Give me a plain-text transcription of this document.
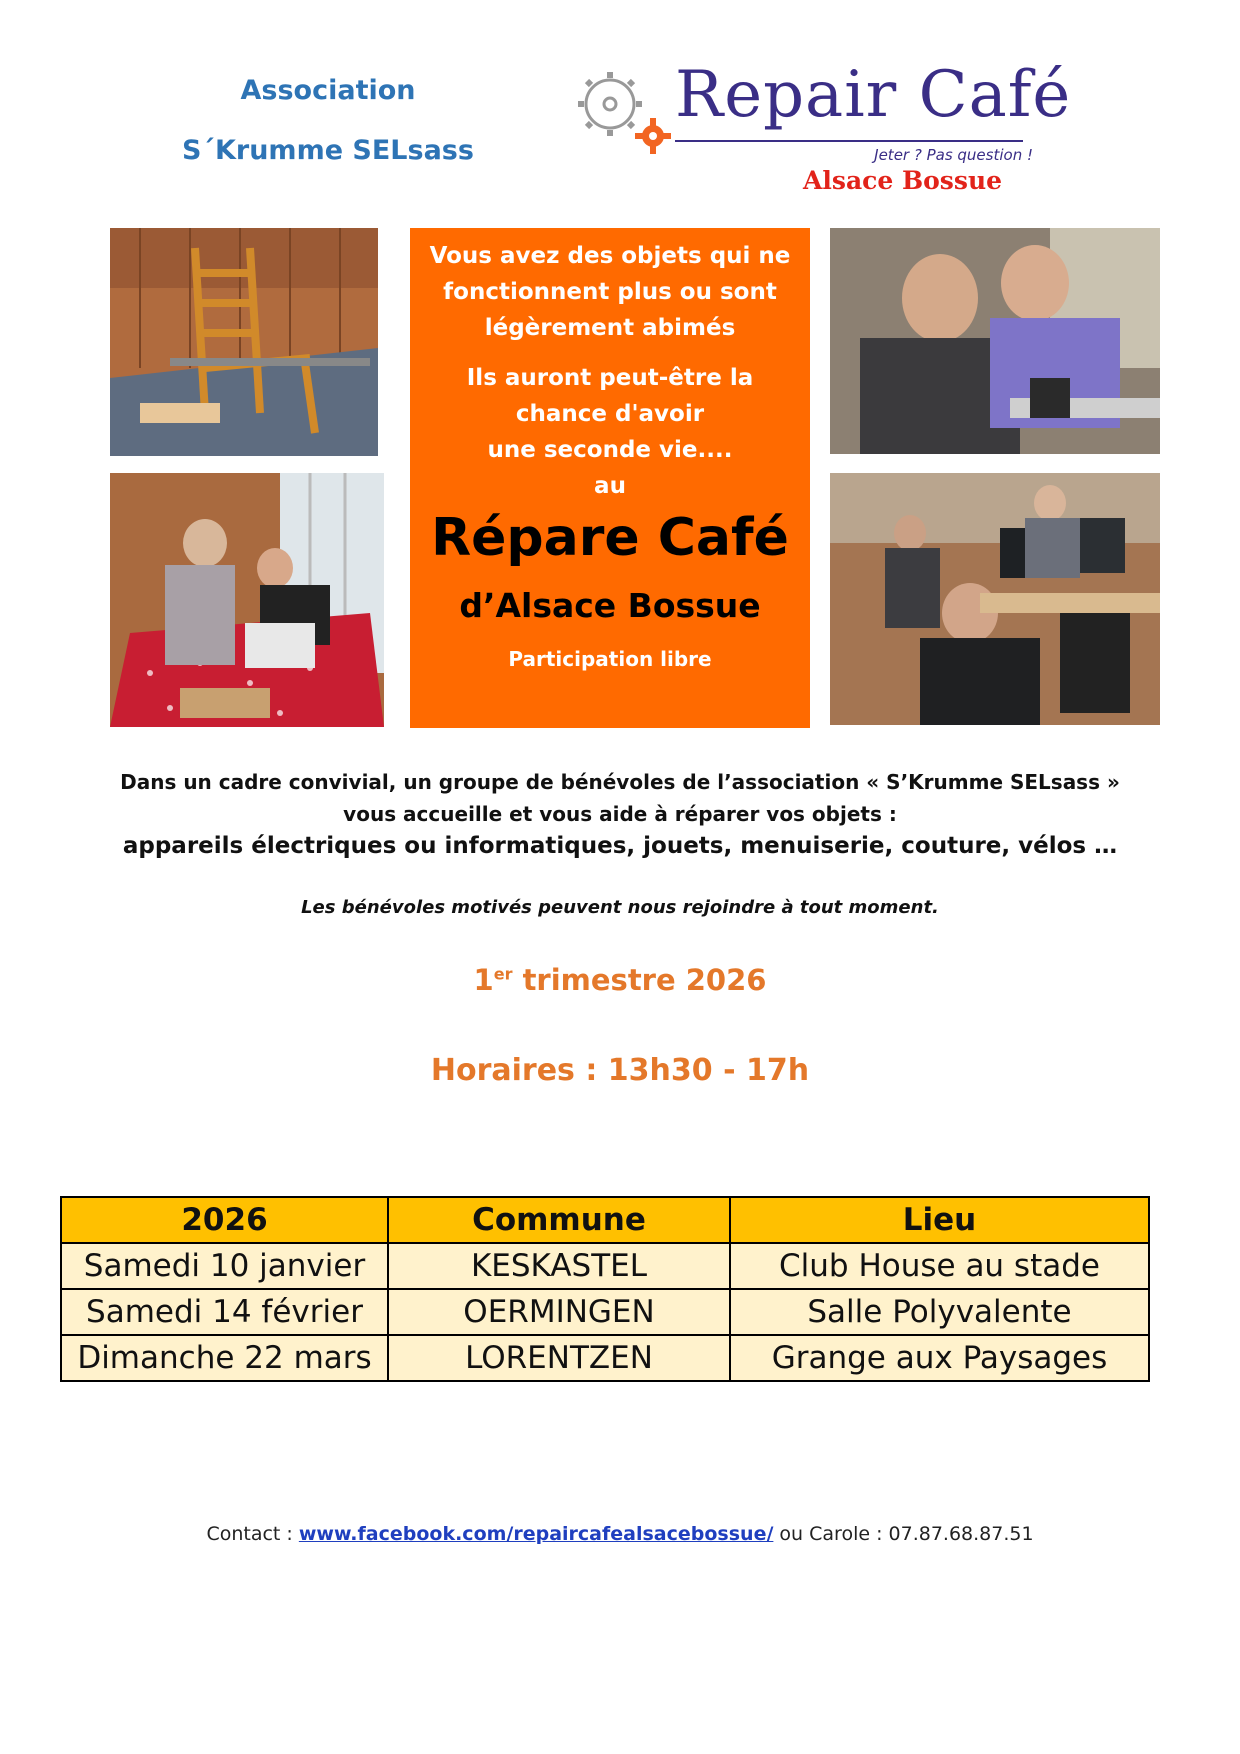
Association
S´Krumme SELsass
Repair Café
Jeter ? Pas question !
Alsace Bossue
Vous avez des objets qui ne
fonctionnent plus ou sont
légèrement abimés
Ils auront peut-être la
chance d'avoir
une seconde vie....
au
Répare Café
d’Alsace Bossue
Participation libre
Dans un cadre convivial, un groupe de bénévoles de l’association « S’Krumme SELsass »
vous accueille et vous aide à réparer vos objets :
appareils électriques ou informatiques, jouets, menuiserie, couture, vélos …
Les bénévoles motivés peuvent nous rejoindre à tout moment.
1er trimestre 2026
Horaires : 13h30 - 17h
2026	Commune	Lieu
Samedi 10 janvier	KESKASTEL	Club House au stade
Samedi 14 février	OERMINGEN	Salle Polyvalente
Dimanche 22 mars	LORENTZEN	Grange aux Paysages
Contact : www.facebook.com/repaircafealsacebossue/ ou Carole : 07.87.68.87.51
